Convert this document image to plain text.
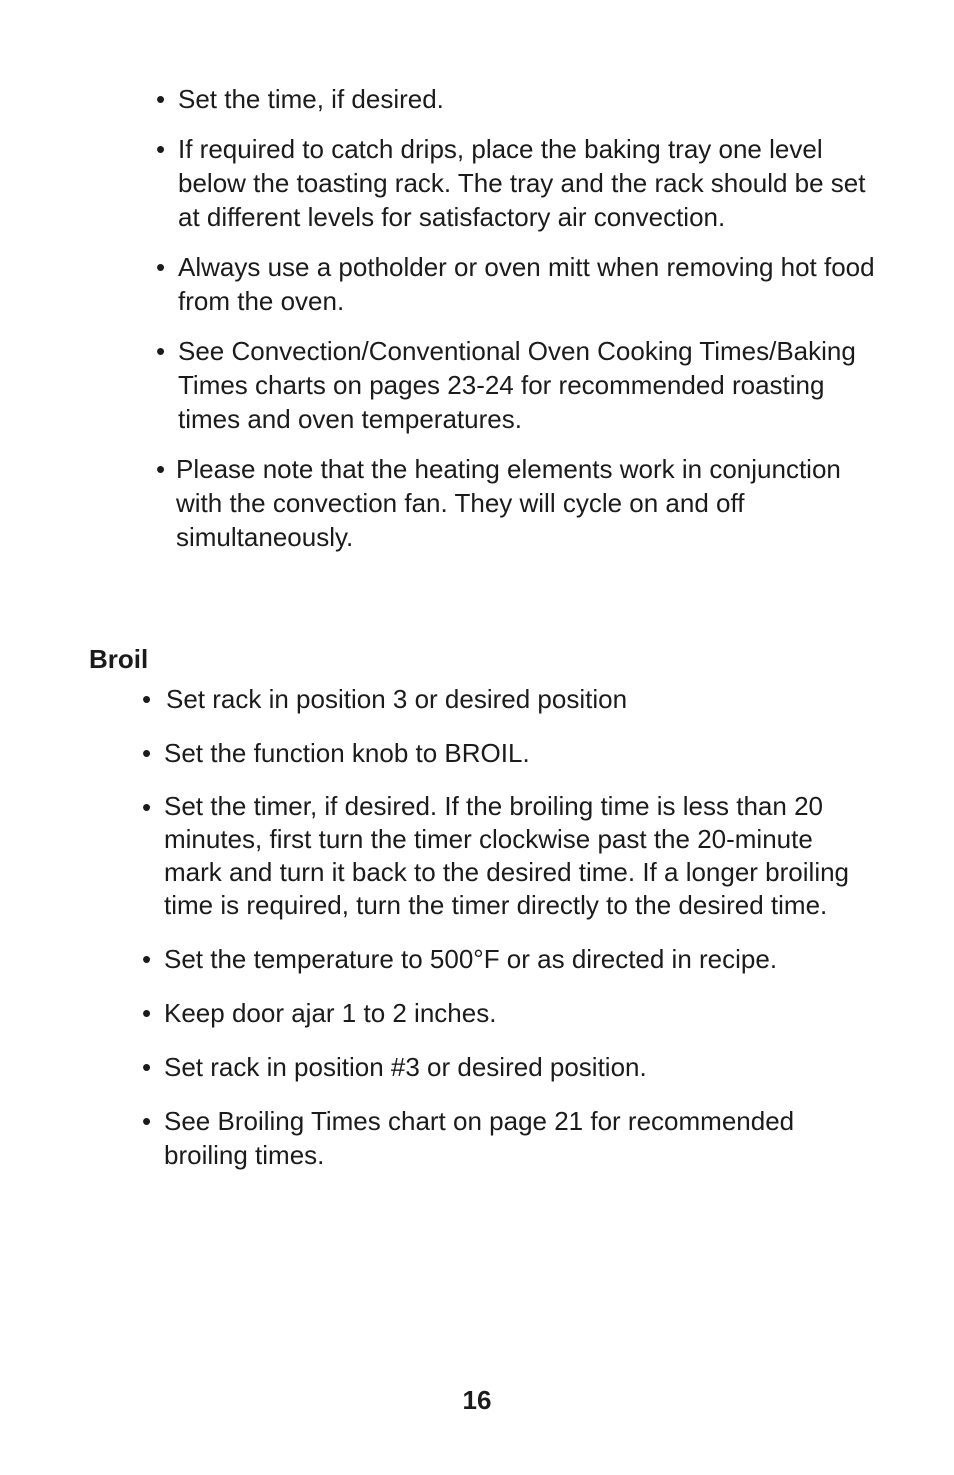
• Set the time, if desired.
• If required to catch drips, place the baking tray one level below the toasting rack. The tray and the rack should be set at different levels for satisfactory air convection.
• Always use a potholder or oven mitt when removing hot food from the oven.
• See Convection/Conventional Oven Cooking Times/Baking Times charts on pages 23-24 for recommended roasting times and oven temperatures.
• Please note that the heating elements work in conjunction with the convection fan. They will cycle on and off simultaneously.
Broil
• Set rack in position 3 or desired position
• Set the function knob to BROIL.
• Set the timer, if desired. If the broiling time is less than 20 minutes, first turn the timer clockwise past the 20-minute mark and turn it back to the desired time. If a longer broiling time is required, turn the timer directly to the desired time.
• Set the temperature to 500°F or as directed in recipe.
• Keep door ajar 1 to 2 inches.
• Set rack in position #3 or desired position.
• See Broiling Times chart on page 21 for recommended broiling times.
16
